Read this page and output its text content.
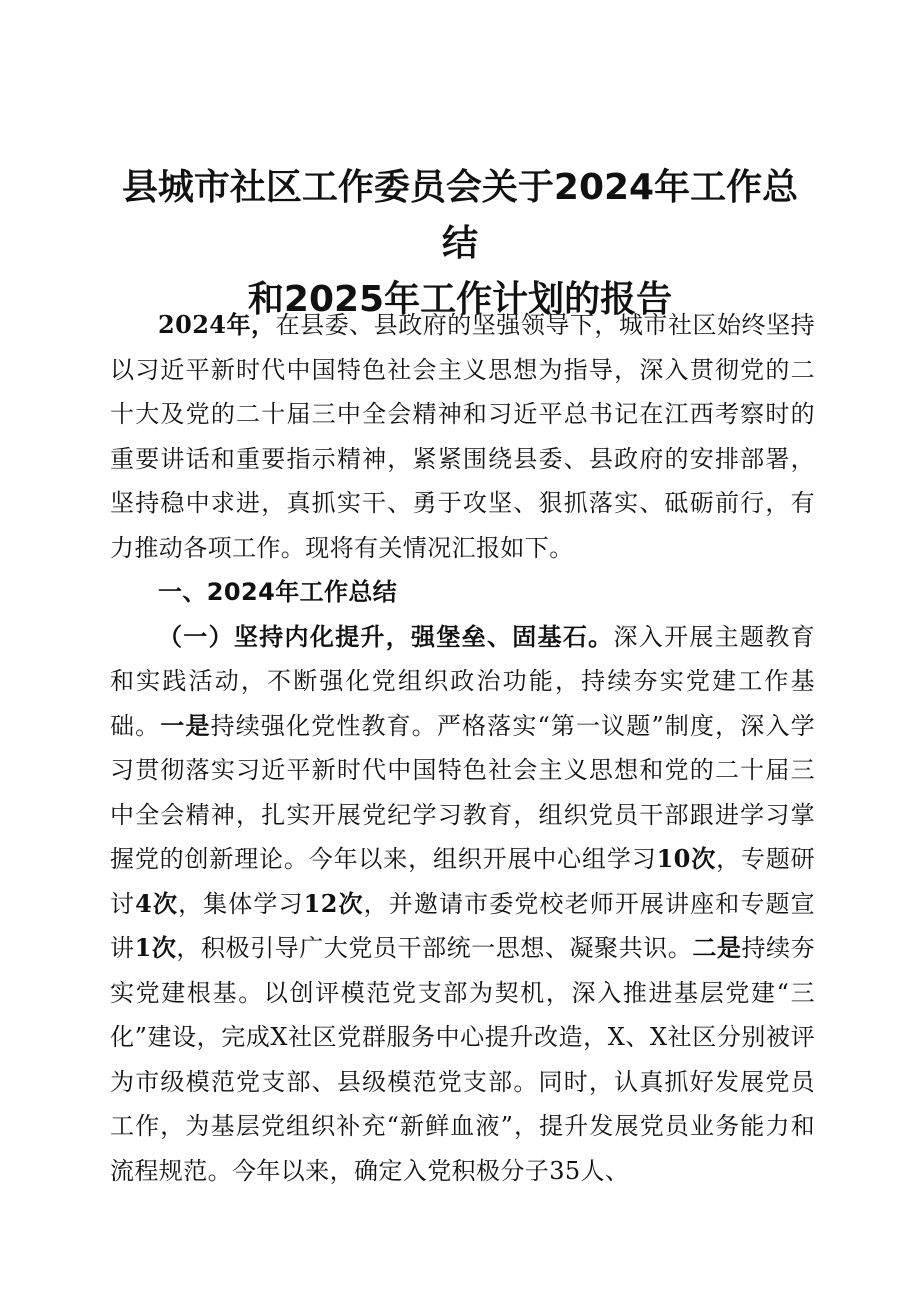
县城市社区工作委员会关于2024年工作总结
和2025年工作计划的报告

2024年，在县委、县政府的坚强领导下，城市社区始终坚持以习近平新时代中国特色社会主义思想为指导，深入贯彻党的二十大及党的二十届三中全会精神和习近平总书记在江西考察时的重要讲话和重要指示精神，紧紧围绕县委、县政府的安排部署，坚持稳中求进，真抓实干、勇于攻坚、狠抓落实、砥砺前行，有力推动各项工作。现将有关情况汇报如下。

一、2024年工作总结

（一）坚持内化提升，强堡垒、固基石。深入开展主题教育和实践活动，不断强化党组织政治功能，持续夯实党建工作基础。一是持续强化党性教育。严格落实“第一议题”制度，深入学习贯彻落实习近平新时代中国特色社会主义思想和党的二十届三中全会精神，扎实开展党纪学习教育，组织党员干部跟进学习掌握党的创新理论。今年以来，组织开展中心组学习10次，专题研讨4次，集体学习12次，并邀请市委党校老师开展讲座和专题宣讲1次，积极引导广大党员干部统一思想、凝聚共识。二是持续夯实党建根基。以创评模范党支部为契机，深入推进基层党建“三化”建设，完成X社区党群服务中心提升改造，X、X社区分别被评为市级模范党支部、县级模范党支部。同时，认真抓好发展党员工作，为基层党组织补充“新鲜血液”，提升发展党员业务能力和流程规范。今年以来，确定入党积极分子35人、
